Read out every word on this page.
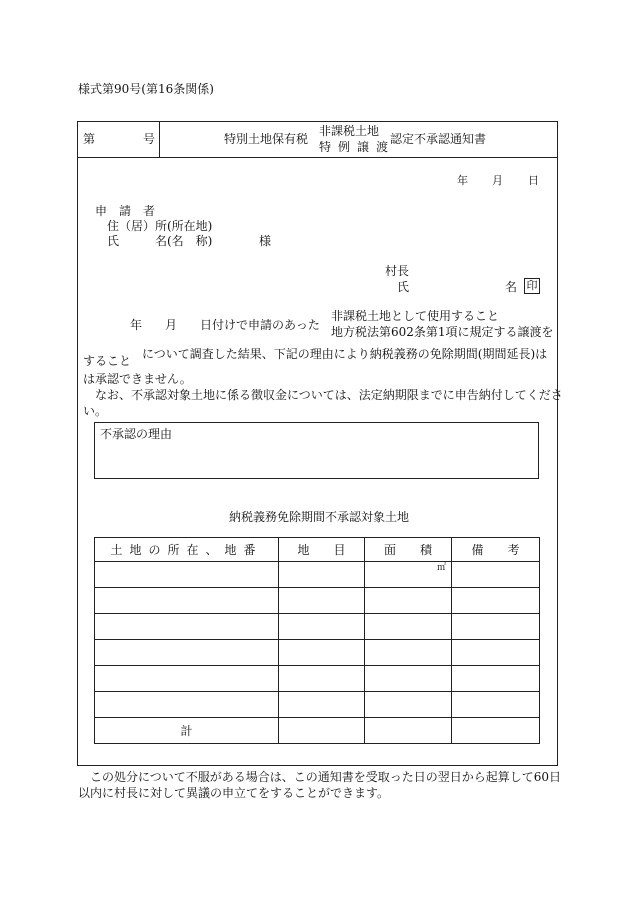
様式第90号(第16条関係)
第	号	特別土地保有税
非課税土地
特例譲渡
認定不承認通知書
年 月 日
申　請　者
住（居）所(所在地)
氏　　　名(名　称)	様
村長
氏	名 印
年 月 日付けで申請のあった
非課税土地として使用すること
地方税法第602条第1項に規定する譲渡を
すること について調査した結果、下記の理由により納税義務の免除期間(期間延長)は
は承認できません。
なお、不承認対象土地に係る徴収金については、法定納期限までに申告納付してくださ
い。
不承認の理由
納税義務免除期間不承認対象土地
土地の所在、地番	地　　目	面　　積	備　　考

		㎡	

計			
この処分について不服がある場合は、この通知書を受取った日の翌日から起算して60日
以内に村長に対して異議の申立てをすることができます。
